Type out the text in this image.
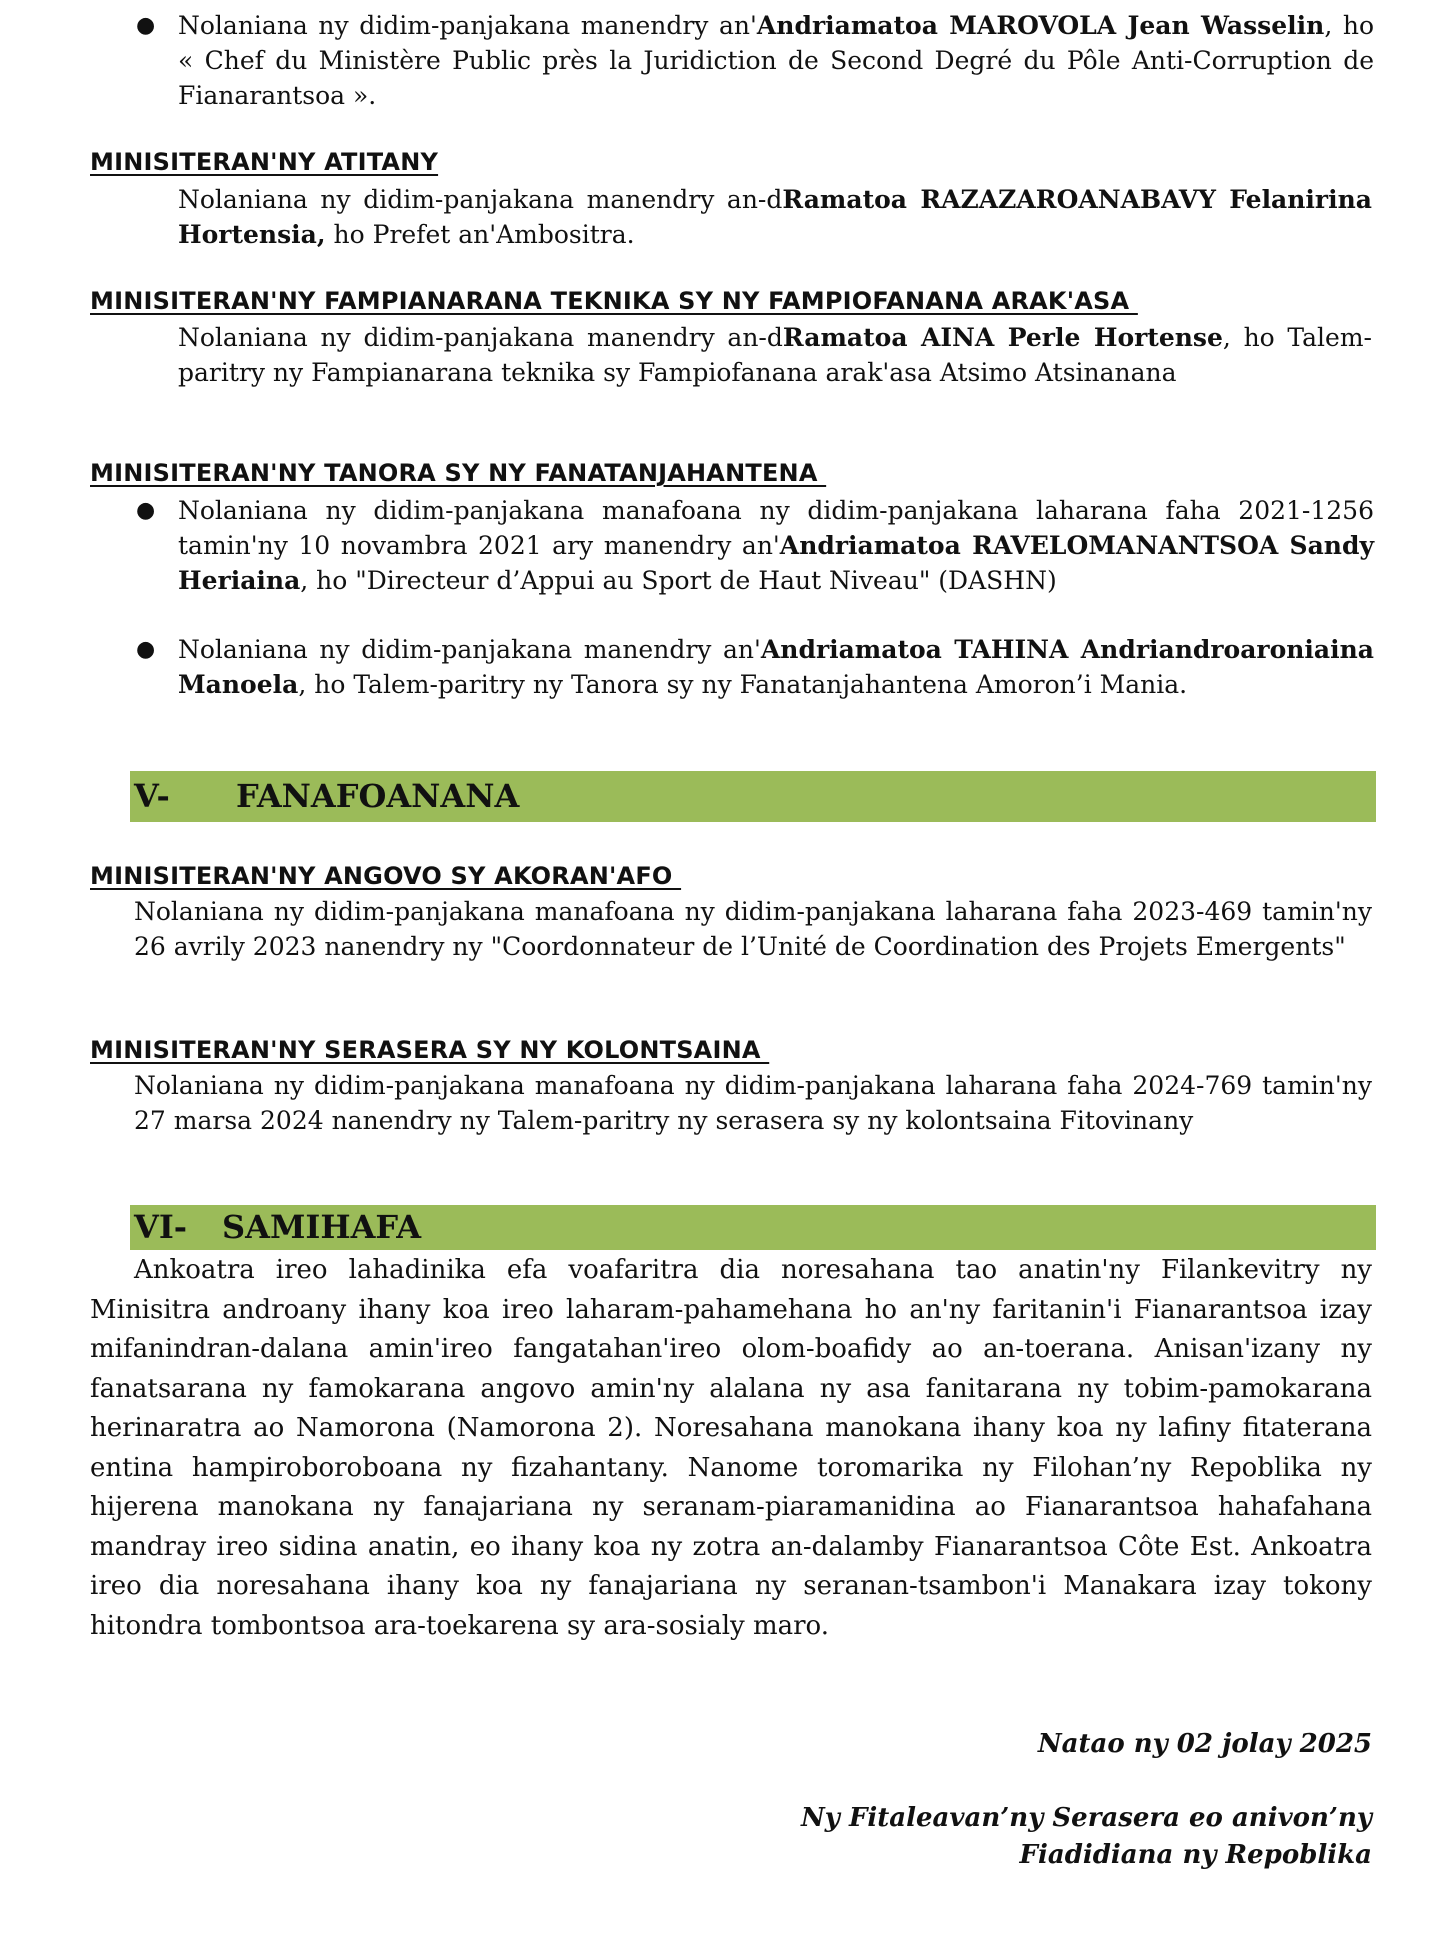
● Nolaniana ny didim-panjakana manendry an'Andriamatoa MAROVOLA Jean Wasselin, ho « Chef du Ministère Public près la Juridiction de Second Degré du Pôle Anti-Corruption de Fianarantsoa ».
MINISITERAN'NY ATITANY
Nolaniana ny didim-panjakana manendry an-dRamatoa RAZAZAROANABAVY Felanirina Hortensia, ho Prefet an'Ambositra.
MINISITERAN'NY FAMPIANARANA TEKNIKA SY NY FAMPIOFANANA ARAK'ASA
Nolaniana ny didim-panjakana manendry an-dRamatoa AINA Perle Hortense, ho Talem-paritry ny Fampianarana teknika sy Fampiofanana arak'asa Atsimo Atsinanana
MINISITERAN'NY TANORA SY NY FANATANJAHANTENA
● Nolaniana ny didim-panjakana manafoana ny didim-panjakana laharana faha 2021-1256 tamin'ny 10 novambra 2021 ary manendry an'Andriamatoa RAVELOMANANTSOA Sandy Heriaina, ho "Directeur d’Appui au Sport de Haut Niveau" (DASHN)
● Nolaniana ny didim-panjakana manendry an'Andriamatoa TAHINA Andriandroaroniaina Manoela, ho Talem-paritry ny Tanora sy ny Fanatanjahantena Amoron’i Mania.
V- FANAFOANANA
MINISITERAN'NY ANGOVO SY AKORAN'AFO
Nolaniana ny didim-panjakana manafoana ny didim-panjakana laharana faha 2023-469 tamin'ny 26 avrily 2023 nanendry ny "Coordonnateur de l’Unité de Coordination des Projets Emergents"
MINISITERAN'NY SERASERA SY NY KOLONTSAINA
Nolaniana ny didim-panjakana manafoana ny didim-panjakana laharana faha 2024-769 tamin'ny 27 marsa 2024 nanendry ny Talem-paritry ny serasera sy ny kolontsaina Fitovinany
VI- SAMIHAFA
Ankoatra ireo lahadinika efa voafaritra dia noresahana tao anatin'ny Filankevitry ny Minisitra androany ihany koa ireo laharam-pahamehana ho an'ny faritanin'i Fianarantsoa izay mifanindran-dalana amin'ireo fangatahan'ireo olom-boafidy ao an-toerana. Anisan'izany ny fanatsarana ny famokarana angovo amin'ny alalana ny asa fanitarana ny tobim-pamokarana herinaratra ao Namorona (Namorona 2). Noresahana manokana ihany koa ny lafiny fitaterana entina hampiroboroboana ny fizahantany. Nanome toromarika ny Filohan’ny Repoblika ny hijerena manokana ny fanajariana ny seranam-piaramanidina ao Fianarantsoa hahafahana mandray ireo sidina anatin, eo ihany koa ny zotra an-dalamby Fianarantsoa Côte Est. Ankoatra ireo dia noresahana ihany koa ny fanajariana ny seranan-tsambon'i Manakara izay tokony hitondra tombontsoa ara-toekarena sy ara-sosialy maro.
Natao ny 02 jolay 2025
Ny Fitaleavan’ny Serasera eo anivon’ny
Fiadidiana ny Repoblika
